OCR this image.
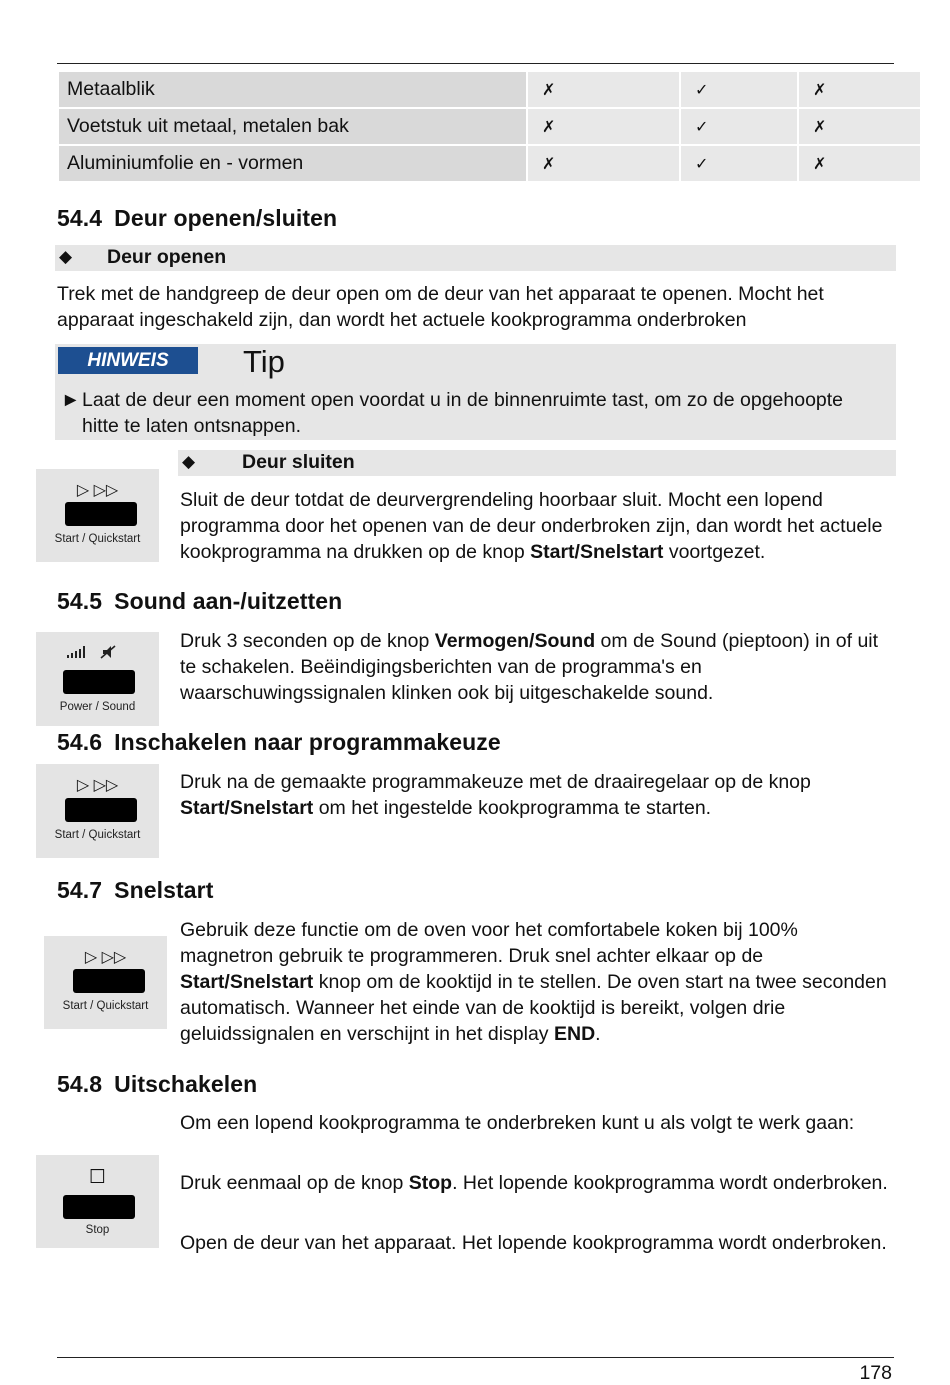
Metaalblik	✗	✓	✗
Voetstuk uit metaal, metalen bak	✗	✓	✗
Aluminiumfolie en - vormen	✗	✓	✗
54.4 Deur openen/sluiten
◆ Deur openen
Trek met de handgreep de deur open om de deur van het apparaat te openen. Mocht het apparaat ingeschakeld zijn, dan wordt het actuele kookprogramma onderbroken
HINWEIS	Tip
► Laat de deur een moment open voordat u in de binnenruimte tast, om zo de opgehoopte hitte te laten ontsnappen.
▷ ▷▷
Start / Quickstart
◆ Deur sluiten
Sluit de deur totdat de deurvergrendeling hoorbaar sluit. Mocht een lopend programma door het openen van de deur onderbroken zijn, dan wordt het actuele kookprogramma na drukken op de knop Start/Snelstart voortgezet.
54.5 Sound aan-/uitzetten
Power / Sound
Druk 3 seconden op de knop Vermogen/Sound om de Sound (pieptoon) in of uit te schakelen. Beëindigingsberichten van de programma's en waarschuwingssignalen klinken ook bij uitgeschakelde sound.
54.6 Inschakelen naar programmakeuze
▷ ▷▷
Start / Quickstart
Druk na de gemaakte programmakeuze met de draairegelaar op de knop Start/Snelstart om het ingestelde kookprogramma te starten.
54.7 Snelstart
▷ ▷▷
Start / Quickstart
Gebruik deze functie om de oven voor het comfortabele koken bij 100% magnetron gebruik te programmeren. Druk snel achter elkaar op de Start/Snelstart knop om de kooktijd in te stellen. De oven start na twee seconden automatisch. Wanneer het einde van de kooktijd is bereikt, volgen drie geluidssignalen en verschijnt in het display END.
54.8 Uitschakelen
☐
Stop
Om een lopend kookprogramma te onderbreken kunt u als volgt te werk gaan:
Druk eenmaal op de knop Stop. Het lopende kookprogramma wordt onderbroken.
Open de deur van het apparaat. Het lopende kookprogramma wordt onderbroken.
178
